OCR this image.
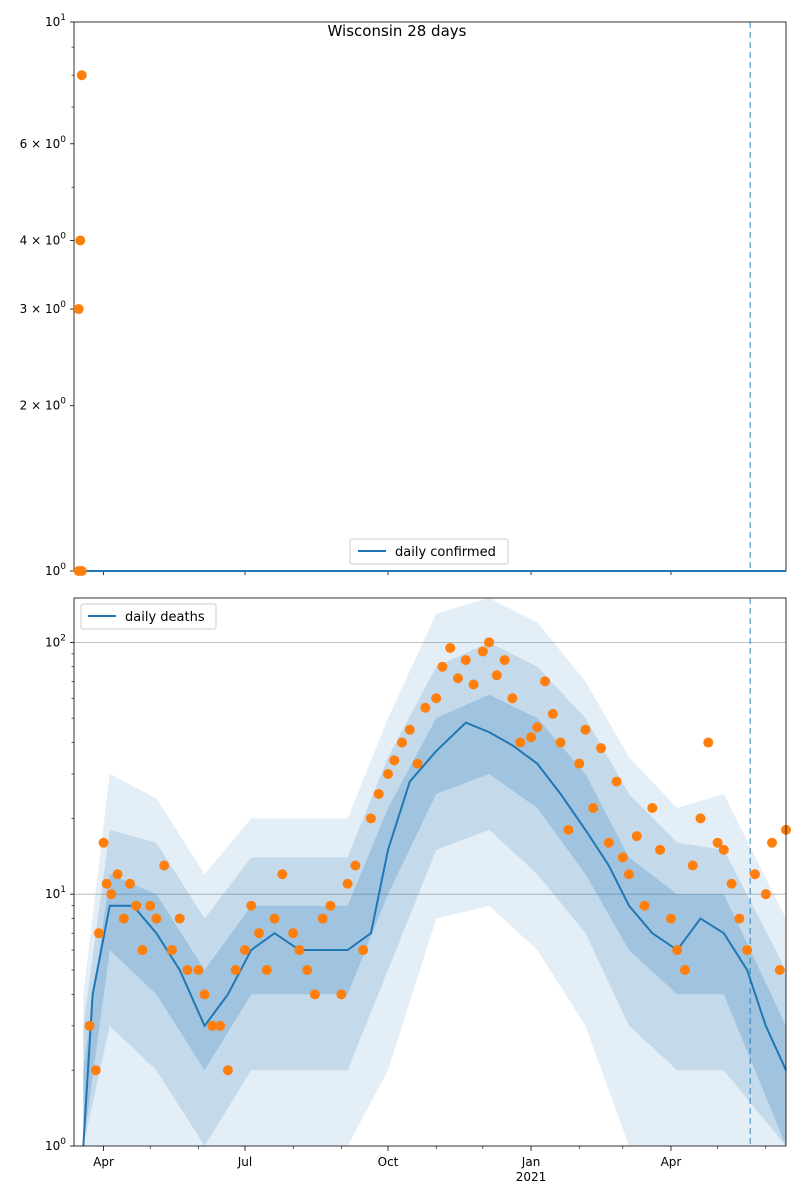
Wisconsin 28 days
$10^0$
$2 \times 10^0$
$3 \times 10^0$
$4 \times 10^0$
$6 \times 10^0$
$10^1$
daily confirmed
$10^0$
$10^1$
$10^2$
Apr	Jul	Oct	Jan
2021
Apr
daily deaths
